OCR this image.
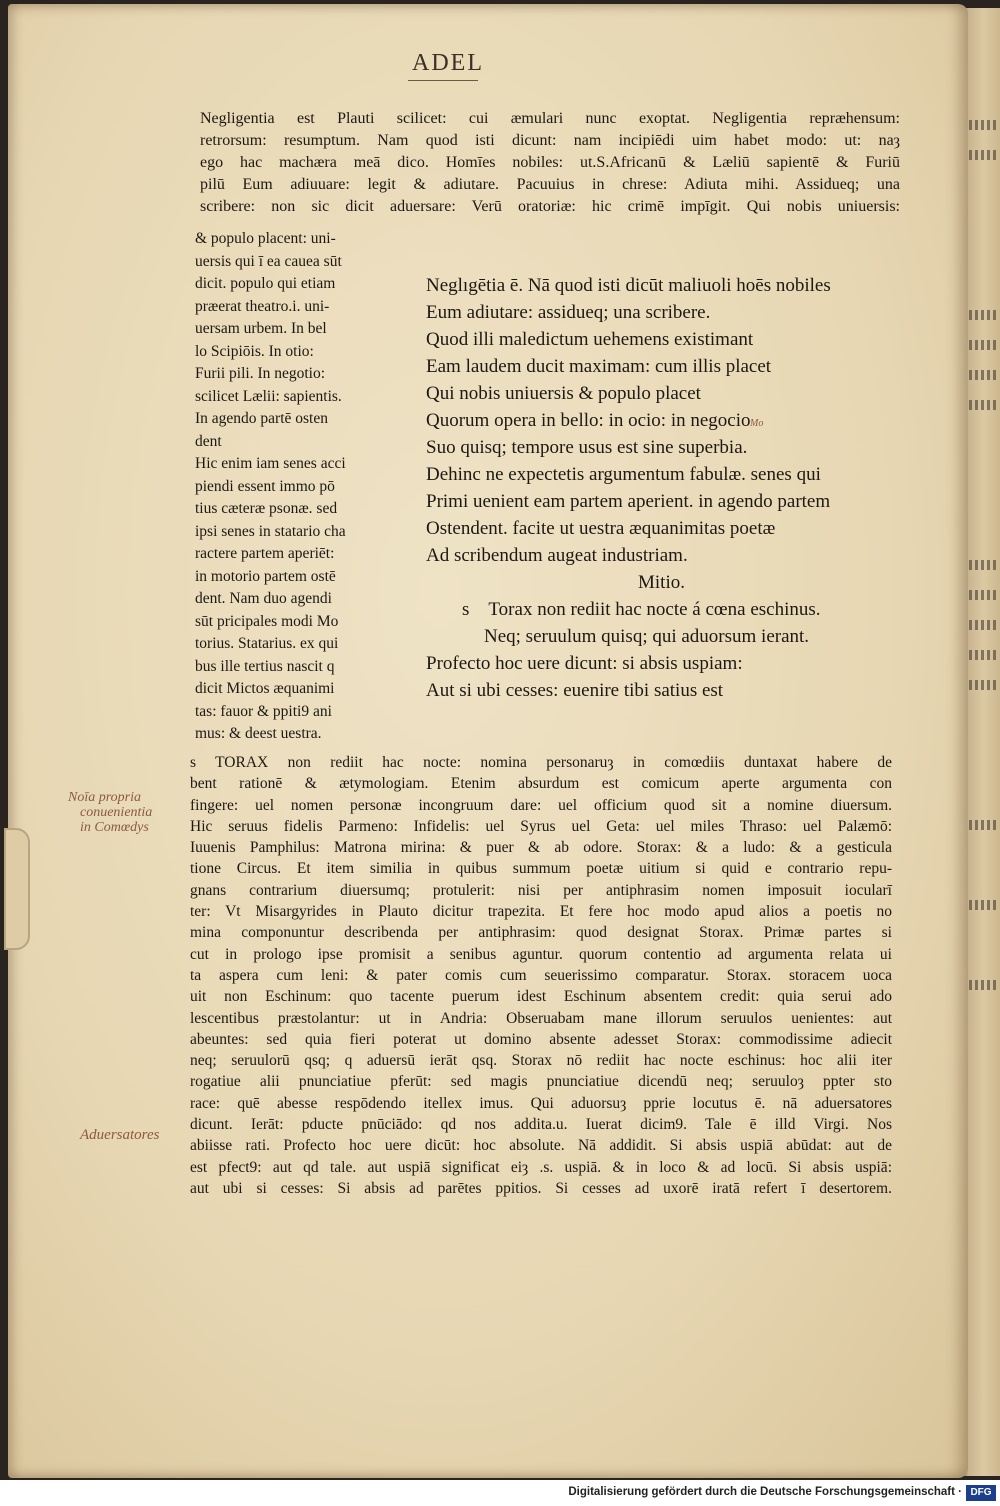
ADEL
Negligentia est Plauti scilicet: cui æmulari nunc exoptat. Negligentia repræhensum:
retrorsum: resumptum. Nam quod isti dicunt: nam incipiēdi uim habet modo: ut: naȝ
ego hac machæra meā dico. Homīes nobiles: ut.S.Africanū & Læliū sapientē & Furiū
pilū Eum adiuuare: legit & adiutare. Pacuuius in chrese: Adiuta mihi. Assidueq; una
scribere: non sic dicit aduersare: Verū oratoriæ: hic crimē impīgit. Qui nobis uniuersis:
& populo placent: uni-
uersis qui ī ea cauea sūt
dicit. populo qui etiam
præerat theatro.i. uni-
uersam urbem. In bel
lo Scipiōis. In otio:
Furii pili. In negotio:
scilicet Lælii: sapientis.
In agendo partē osten
dent
Hic enim iam senes acci
piendi essent immo pō
tius cæteræ psonæ. sed
ipsi senes in statario cha
ractere partem aperiēt:
in motorio partem ostē
dent. Nam duo agendi
sūt pricipales modi Mo
torius. Statarius. ex qui
bus ille tertius nascit q
dicit Mictos æquanimi
tas: fauor & ppiti9 ani
mus: & deest uestra.
Neglıgētia ē. Nā quod isti dicūt maliuoli hoēs nobiles
Eum adiutare: assidueq; una scribere.
Quod illi maledictum uehemens existimant
Eam laudem ducit maximam: cum illis placet
Qui nobis uniuersis & populo placet
Quorum opera in bello: in ocio: in negocio
Suo quisq; tempore usus est sine superbia.
Dehinc ne expectetis argumentum fabulæ. senes qui
Primi uenient eam partem aperient. in agendo partem
Ostendent. facite ut uestra æquanimitas poetæ
Ad scribendum augeat industriam.
Mitio.
s Torax non rediit hac nocte á cœna eschinus.
Neq; seruulum quisq; qui aduorsum ierant.
Profecto hoc uere dicunt: si absis uspiam:
Aut si ubi cesses: euenire tibi satius est
s TORAX non rediit hac nocte: nomina personaruȝ in comœdiis duntaxat habere de
bent rationē & ætymologiam. Etenim absurdum est comicum aperte argumenta con
fingere: uel nomen personæ incongruum dare: uel officium quod sit a nomine diuersum.
Hic seruus fidelis Parmeno: Infidelis: uel Syrus uel Geta: uel miles Thraso: uel Palæmō:
Iuuenis Pamphilus: Matrona mirina: & puer & ab odore. Storax: & a ludo: & a gesticula
tione Circus. Et item similia in quibus summum poetæ uitium si quid e contrario repu-
gnans contrarium diuersumq; protulerit: nisi per antiphrasim nomen imposuit iocularī
ter: Vt Misargyrides in Plauto dicitur trapezita. Et fere hoc modo apud alios a poetis no
mina componuntur describenda per antiphrasim: quod designat Storax. Primæ partes si
cut in prologo ipse promisit a senibus aguntur. quorum contentio ad argumenta relata ui
ta aspera cum leni: & pater comis cum seuerissimo comparatur. Storax. storacem uoca
uit non Eschinum: quo tacente puerum idest Eschinum absentem credit: quia serui ado
lescentibus præstolantur: ut in Andria: Obseruabam mane illorum seruulos uenientes: aut
abeuntes: sed quia fieri poterat ut domino absente adesset Storax: commodissime adiecit
neq; seruulorū qsq; q aduersū ierāt qsq. Storax nō rediit hac nocte eschinus: hoc alii iter
rogatiue alii pnunciatiue pferūt: sed magis pnunciatiue dicendū neq; seruuloȝ ppter sto
race: quē abesse respōdendo itellex imus. Qui aduorsuȝ pprie locutus ē. nā aduersatores
dicunt. Ierāt: pducte pnūciādo: qd nos addita.u. Iuerat dicim9. Tale ē illd Virgi. Nos
abiisse rati. Profecto hoc uere dicūt: hoc absolute. Nā addidit. Si absis uspiā abūdat: aut de
est pfect9: aut qd tale. aut uspiā significat eiȝ .s. uspiā. & in loco & ad locū. Si absis uspiā:
aut ubi si cesses: Si absis ad parētes ppitios. Si cesses ad uxorē iratā refert ī desertorem.
Noīa propria
conuenientia
in Comœdys
Aduersatores
Mo
Digitalisierung gefördert durch die Deutsche Forschungsgemeinschaft · DFG
